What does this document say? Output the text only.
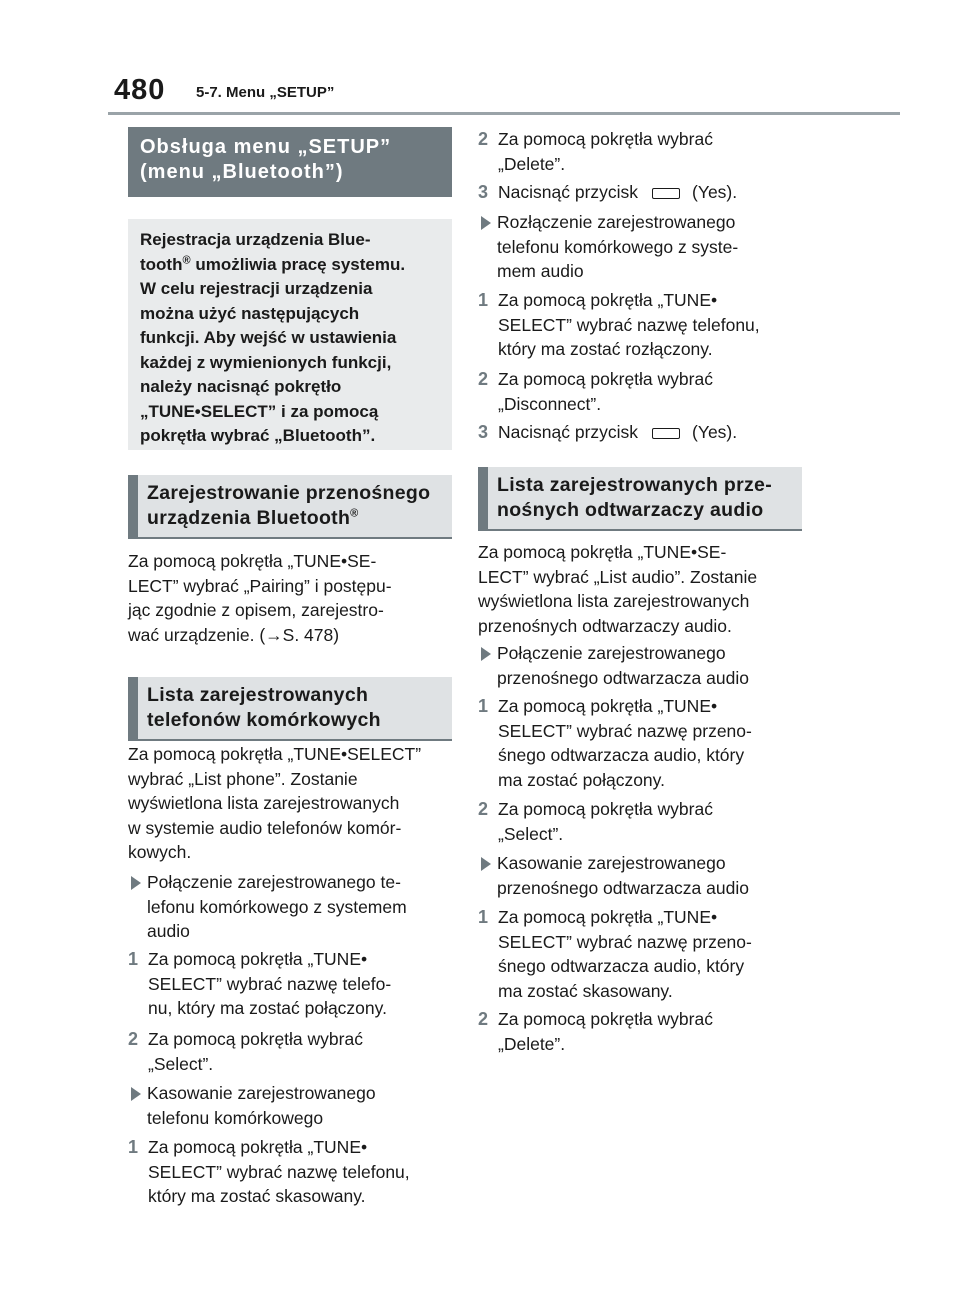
480 5-7. Menu „SETUP”
Obsługa menu „SETUP”
(menu „Bluetooth”)
Rejestracja urządzenia Blue-
tooth® umożliwia pracę systemu.
W celu rejestracji urządzenia
można użyć następujących
funkcji. Aby wejść w ustawienia
każdej z wymienionych funkcji,
należy nacisnąć pokrętło
„TUNE•SELECT” i za pomocą
pokrętła wybrać „Bluetooth”.
Zarejestrowanie przenośnego
urządzenia Bluetooth®
Za pomocą pokrętła „TUNE•SE-
LECT” wybrać „Pairing” i postępu-
jąc zgodnie z opisem, zarejestro-
wać urządzenie. (→S. 478)
Lista zarejestrowanych
telefonów komórkowych
Za pomocą pokrętła „TUNE•SELECT”
wybrać „List phone”. Zostanie
wyświetlona lista zarejestrowanych
w systemie audio telefonów komór-
kowych.
Połączenie zarejestrowanego te-
lefonu komórkowego z systemem
audio
1 Za pomocą pokrętła „TUNE•
SELECT” wybrać nazwę telefo-
nu, który ma zostać połączony.
2 Za pomocą pokrętła wybrać
„Select”.
Kasowanie zarejestrowanego
telefonu komórkowego
1 Za pomocą pokrętła „TUNE•
SELECT” wybrać nazwę telefonu,
który ma zostać skasowany.
2 Za pomocą pokrętła wybrać
„Delete”.
3 Nacisnąć przycisk	(Yes).
Rozłączenie zarejestrowanego
telefonu komórkowego z syste-
mem audio
1 Za pomocą pokrętła „TUNE•
SELECT” wybrać nazwę telefonu,
który ma zostać rozłączony.
2 Za pomocą pokrętła wybrać
„Disconnect”.
3 Nacisnąć przycisk	(Yes).
Lista zarejestrowanych prze-
nośnych odtwarzaczy audio
Za pomocą pokrętła „TUNE•SE-
LECT” wybrać „List audio”. Zostanie
wyświetlona lista zarejestrowanych
przenośnych odtwarzaczy audio.
Połączenie zarejestrowanego
przenośnego odtwarzacza audio
1 Za pomocą pokrętła „TUNE•
SELECT” wybrać nazwę przeno-
śnego odtwarzacza audio, który
ma zostać połączony.
2 Za pomocą pokrętła wybrać
„Select”.
Kasowanie zarejestrowanego
przenośnego odtwarzacza audio
1 Za pomocą pokrętła „TUNE•
SELECT” wybrać nazwę przeno-
śnego odtwarzacza audio, który
ma zostać skasowany.
2 Za pomocą pokrętła wybrać
„Delete”.
